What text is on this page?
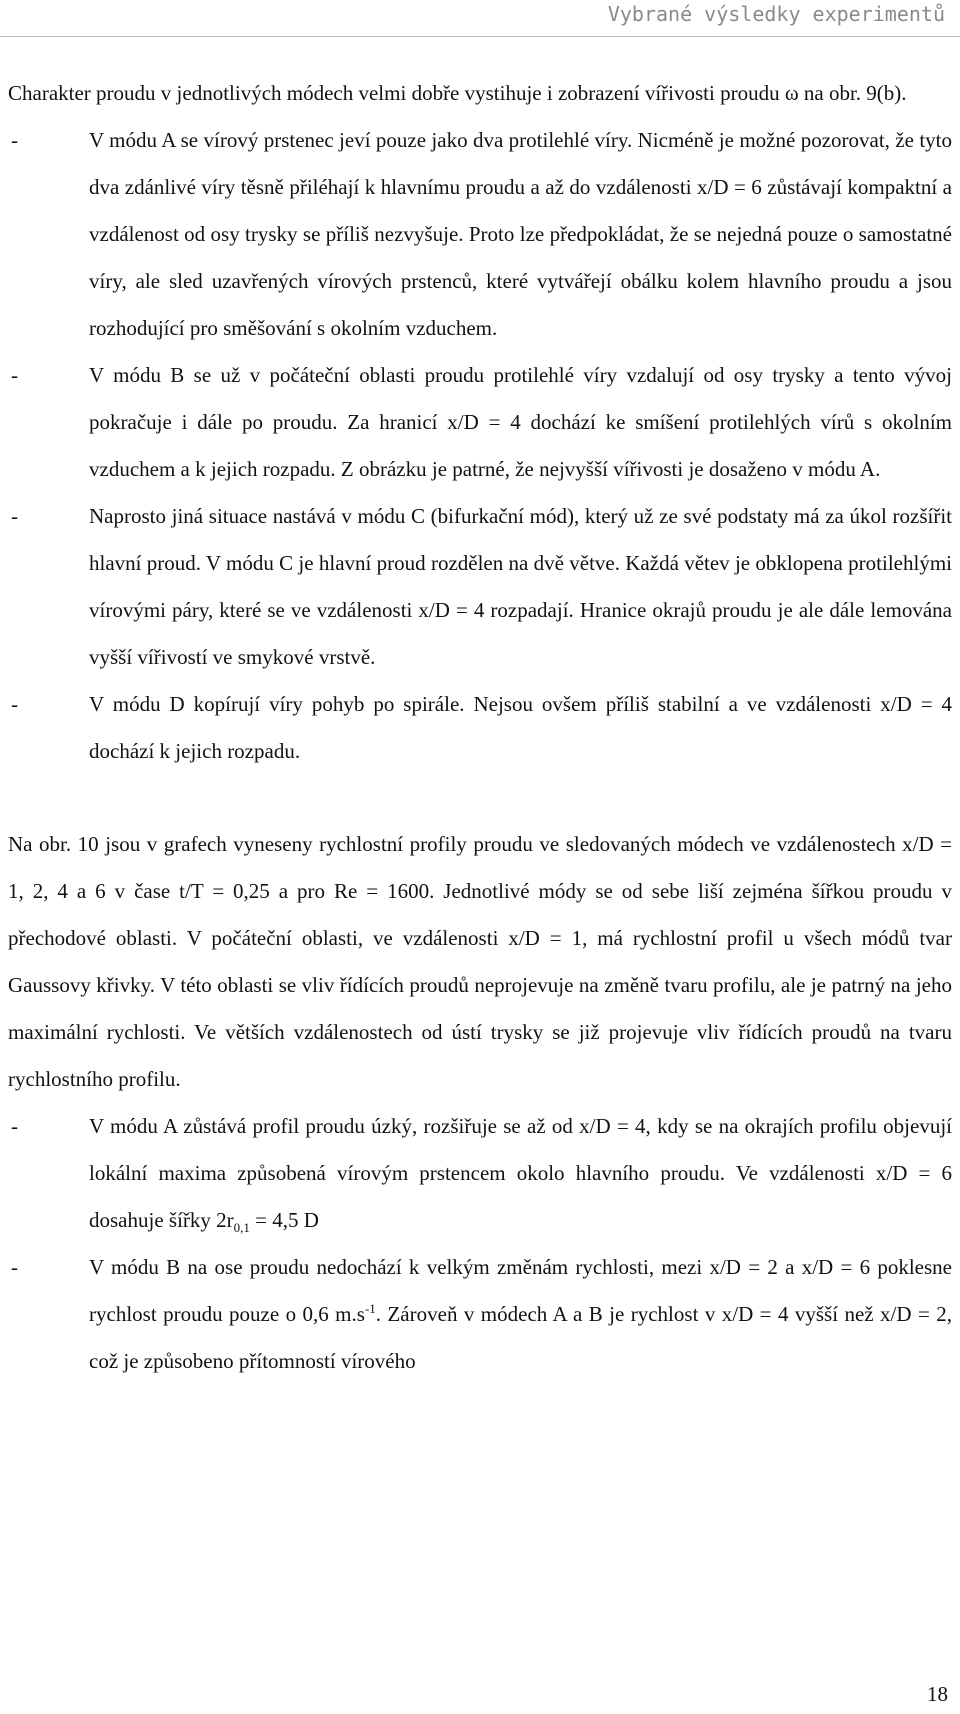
Vybrané výsledky experimentů

Charakter proudu v jednotlivých módech velmi dobře vystihuje i zobrazení vířivosti proudu ω na obr. 9(b).

-	V módu A se vírový prstenec jeví pouze jako dva protilehlé víry. Nicméně je možné pozorovat, že tyto dva zdánlivé víry těsně přiléhají k hlavnímu proudu a až do vzdálenosti x/D = 6 zůstávají kompaktní a vzdálenost od osy trysky se příliš nezvyšuje. Proto lze předpokládat, že se nejedná pouze o samostatné víry, ale sled uzavřených vírových prstenců, které vytvářejí obálku kolem hlavního proudu a jsou rozhodující pro směšování s okolním vzduchem.

-	V módu B se už v počáteční oblasti proudu protilehlé víry vzdalují od osy trysky a tento vývoj pokračuje i dále po proudu. Za hranicí x/D = 4 dochází ke smíšení protilehlých vírů s okolním vzduchem a k jejich rozpadu. Z obrázku je patrné, že nejvyšší vířivosti je dosaženo v módu A.

-	Naprosto jiná situace nastává v módu C (bifurkační mód), který už ze své podstaty má za úkol rozšířit hlavní proud. V módu C je hlavní proud rozdělen na dvě větve. Každá větev je obklopena protilehlými vírovými páry, které se ve vzdálenosti x/D = 4 rozpadají. Hranice okrajů proudu je ale dále lemována vyšší vířivostí ve smykové vrstvě.

-	V módu D kopírují víry pohyb po spirále. Nejsou ovšem příliš stabilní a ve vzdálenosti x/D = 4 dochází k jejich rozpadu.

Na obr. 10 jsou v grafech vyneseny rychlostní profily proudu ve sledovaných módech ve vzdálenostech x/D = 1, 2, 4 a 6 v čase t/T = 0,25 a pro Re = 1600. Jednotlivé módy se od sebe liší zejména šířkou proudu v přechodové oblasti. V počáteční oblasti, ve vzdálenosti x/D = 1, má rychlostní profil u všech módů tvar Gaussovy křivky. V této oblasti se vliv řídících proudů neprojevuje na změně tvaru profilu, ale je patrný na jeho maximální rychlosti. Ve větších vzdálenostech od ústí trysky se již projevuje vliv řídících proudů na tvaru rychlostního profilu.

-	V módu A zůstává profil proudu úzký, rozšiřuje se až od x/D = 4, kdy se na okrajích profilu objevují lokální maxima způsobená vírovým prstencem okolo hlavního proudu. Ve vzdálenosti x/D = 6 dosahuje šířky $2r_{0,1} = 4,5$ D

-	V módu B na ose proudu nedochází k velkým změnám rychlosti, mezi x/D = 2 a x/D = 6 poklesne rychlost proudu pouze o 0,6 $m.s^{-1}$. Zároveň v módech A a B je rychlost v x/D = 4 vyšší než x/D = 2, což je způsobeno přítomností vírového

18
